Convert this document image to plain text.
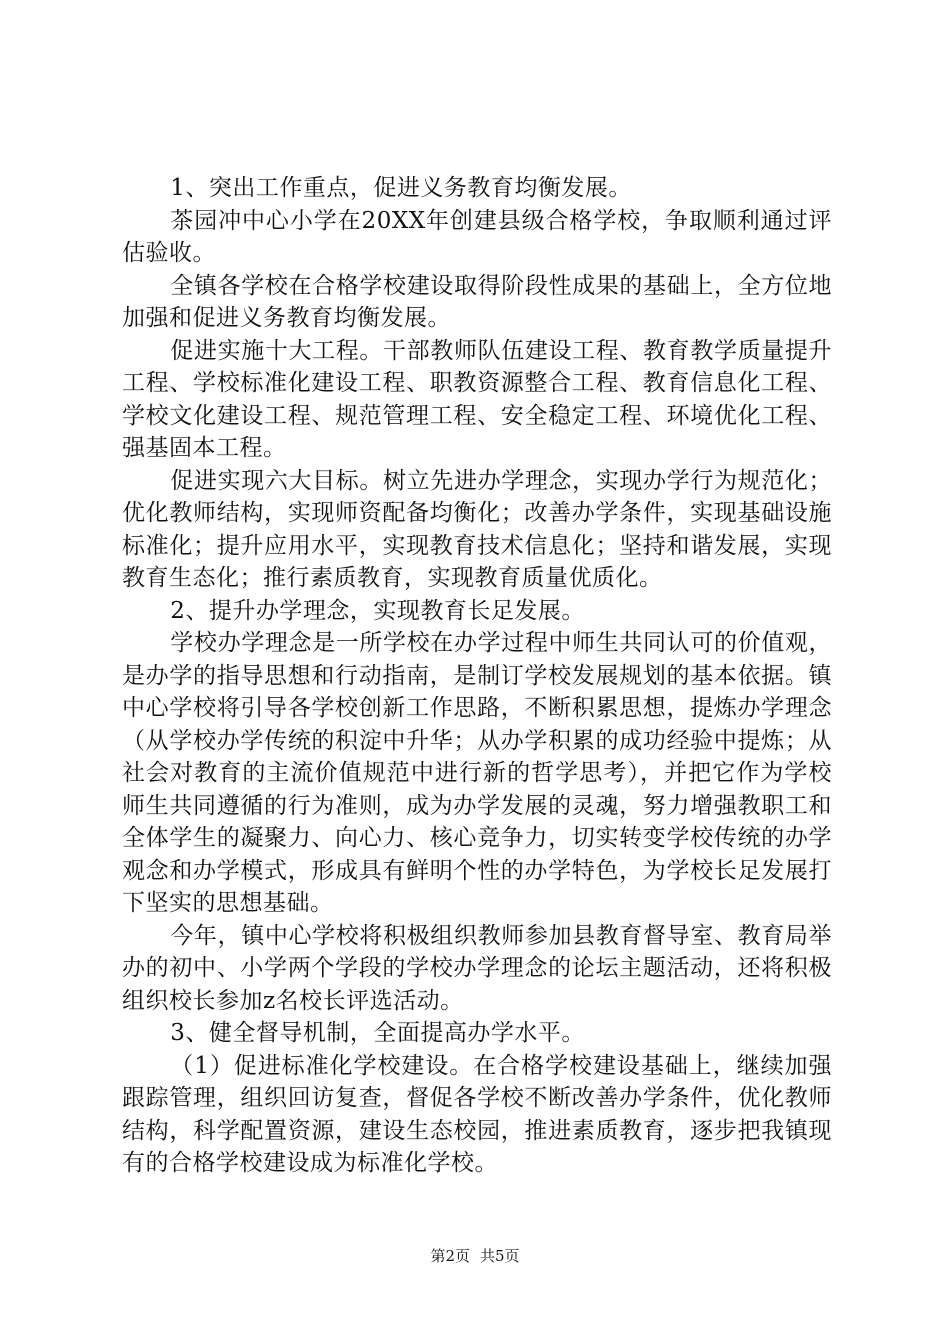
1、突出工作重点，促进义务教育均衡发展。

茶园冲中心小学在20XX年创建县级合格学校，争取顺利通过评估验收。

全镇各学校在合格学校建设取得阶段性成果的基础上，全方位地加强和促进义务教育均衡发展。

促进实施十大工程。干部教师队伍建设工程、教育教学质量提升工程、学校标准化建设工程、职教资源整合工程、教育信息化工程、学校文化建设工程、规范管理工程、安全稳定工程、环境优化工程、强基固本工程。

促进实现六大目标。树立先进办学理念，实现办学行为规范化；优化教师结构，实现师资配备均衡化；改善办学条件，实现基础设施标准化；提升应用水平，实现教育技术信息化；坚持和谐发展，实现教育生态化；推行素质教育，实现教育质量优质化。

2、提升办学理念，实现教育长足发展。

学校办学理念是一所学校在办学过程中师生共同认可的价值观，是办学的指导思想和行动指南，是制订学校发展规划的基本依据。镇中心学校将引导各学校创新工作思路，不断积累思想，提炼办学理念（从学校办学传统的积淀中升华；从办学积累的成功经验中提炼；从社会对教育的主流价值规范中进行新的哲学思考），并把它作为学校师生共同遵循的行为准则，成为办学发展的灵魂，努力增强教职工和全体学生的凝聚力、向心力、核心竞争力，切实转变学校传统的办学观念和办学模式，形成具有鲜明个性的办学特色，为学校长足发展打下坚实的思想基础。

今年，镇中心学校将积极组织教师参加县教育督导室、教育局举办的初中、小学两个学段的学校办学理念的论坛主题活动，还将积极组织校长参加z名校长评选活动。

3、健全督导机制，全面提高办学水平。

（1）促进标准化学校建设。在合格学校建设基础上，继续加强跟踪管理，组织回访复查，督促各学校不断改善办学条件，优化教师结构，科学配置资源，建设生态校园，推进素质教育，逐步把我镇现有的合格学校建设成为标准化学校。

第2页 共5页
